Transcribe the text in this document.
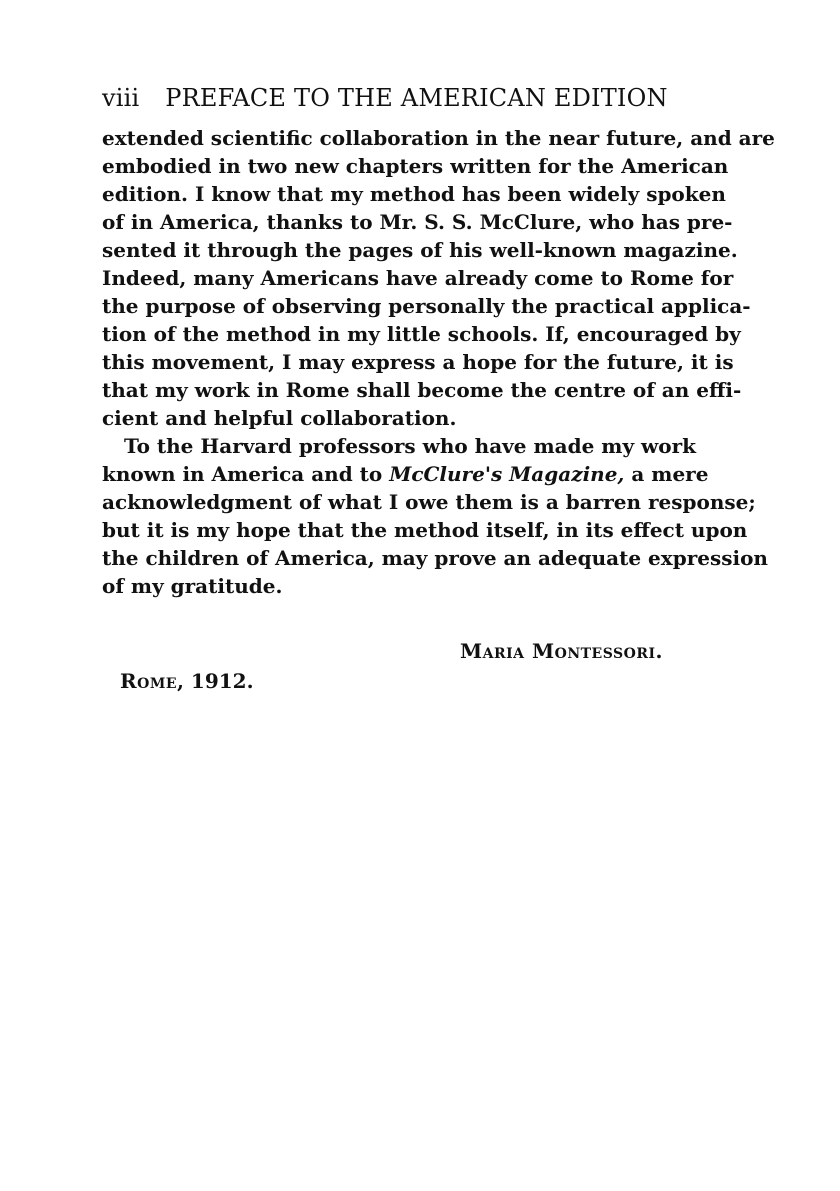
viii PREFACE TO THE AMERICAN EDITION
extended scientific collaboration in the near future, and are
embodied in two new chapters written for the American
edition. I know that my method has been widely spoken
of in America, thanks to Mr. S. S. McClure, who has pre-
sented it through the pages of his well-known magazine.
Indeed, many Americans have already come to Rome for
the purpose of observing personally the practical applica-
tion of the method in my little schools. If, encouraged by
this movement, I may express a hope for the future, it is
that my work in Rome shall become the centre of an effi-
cient and helpful collaboration.
To the Harvard professors who have made my work
known in America and to McClure's Magazine, a mere
acknowledgment of what I owe them is a barren response;
but it is my hope that the method itself, in its effect upon
the children of America, may prove an adequate expression
of my gratitude.
Maria Montessori.
Rome, 1912.
